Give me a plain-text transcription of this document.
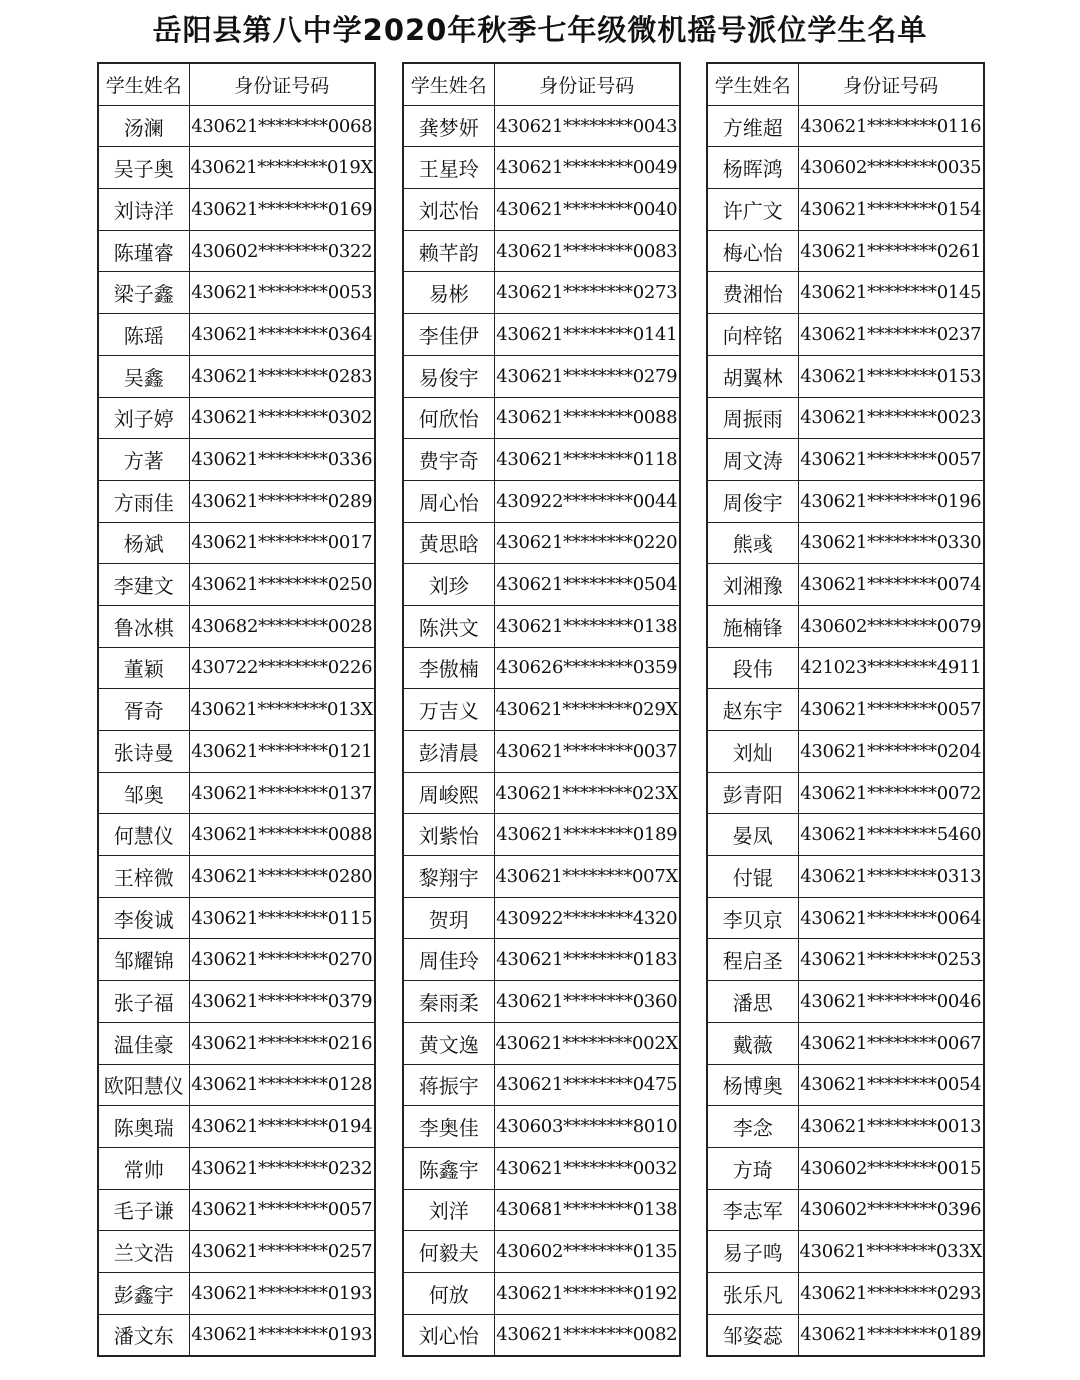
岳阳县第八中学2020年秋季七年级微机摇号派位学生名单
学生姓名	身份证号码
汤澜	430621********0068
吴子奥	430621********019X
刘诗洋	430621********0169
陈瑾睿	430602********0322
梁子鑫	430621********0053
陈瑶	430621********0364
吴鑫	430621********0283
刘子婷	430621********0302
方著	430621********0336
方雨佳	430621********0289
杨斌	430621********0017
李建文	430621********0250
鲁冰棋	430682********0028
董颖	430722********0226
胥奇	430621********013X
张诗曼	430621********0121
邹奥	430621********0137
何慧仪	430621********0088
王梓微	430621********0280
李俊诚	430621********0115
邹耀锦	430621********0270
张子福	430621********0379
温佳豪	430621********0216
欧阳慧仪	430621********0128
陈奥瑞	430621********0194
常帅	430621********0232
毛子谦	430621********0057
兰文浩	430621********0257
彭鑫宇	430621********0193
潘文东	430621********0193
学生姓名	身份证号码
龚梦妍	430621********0043
王星玲	430621********0049
刘芯怡	430621********0040
赖芊韵	430621********0083
易彬	430621********0273
李佳伊	430621********0141
易俊宇	430621********0279
何欣怡	430621********0088
费宇奇	430621********0118
周心怡	430922********0044
黄思晗	430621********0220
刘珍	430621********0504
陈洪文	430621********0138
李傲楠	430626********0359
万吉义	430621********029X
彭清晨	430621********0037
周峻熙	430621********023X
刘紫怡	430621********0189
黎翔宇	430621********007X
贺玥	430922********4320
周佳玲	430621********0183
秦雨柔	430621********0360
黄文逸	430621********002X
蒋振宇	430621********0475
李奥佳	430603********8010
陈鑫宇	430621********0032
刘洋	430681********0138
何毅夫	430602********0135
何放	430621********0192
刘心怡	430621********0082
学生姓名	身份证号码
方维超	430621********0116
杨晖鸿	430602********0035
许广文	430621********0154
梅心怡	430621********0261
费湘怡	430621********0145
向梓铭	430621********0237
胡翼林	430621********0153
周振雨	430621********0023
周文涛	430621********0057
周俊宇	430621********0196
熊彧	430621********0330
刘湘豫	430621********0074
施楠锋	430602********0079
段伟	421023********4911
赵东宇	430621********0057
刘灿	430621********0204
彭青阳	430621********0072
晏凤	430621********5460
付锟	430621********0313
李贝京	430621********0064
程启圣	430621********0253
潘思	430621********0046
戴薇	430621********0067
杨博奥	430621********0054
李念	430621********0013
方琦	430602********0015
李志军	430602********0396
易子鸣	430621********033X
张乐凡	430621********0293
邹姿蕊	430621********0189
